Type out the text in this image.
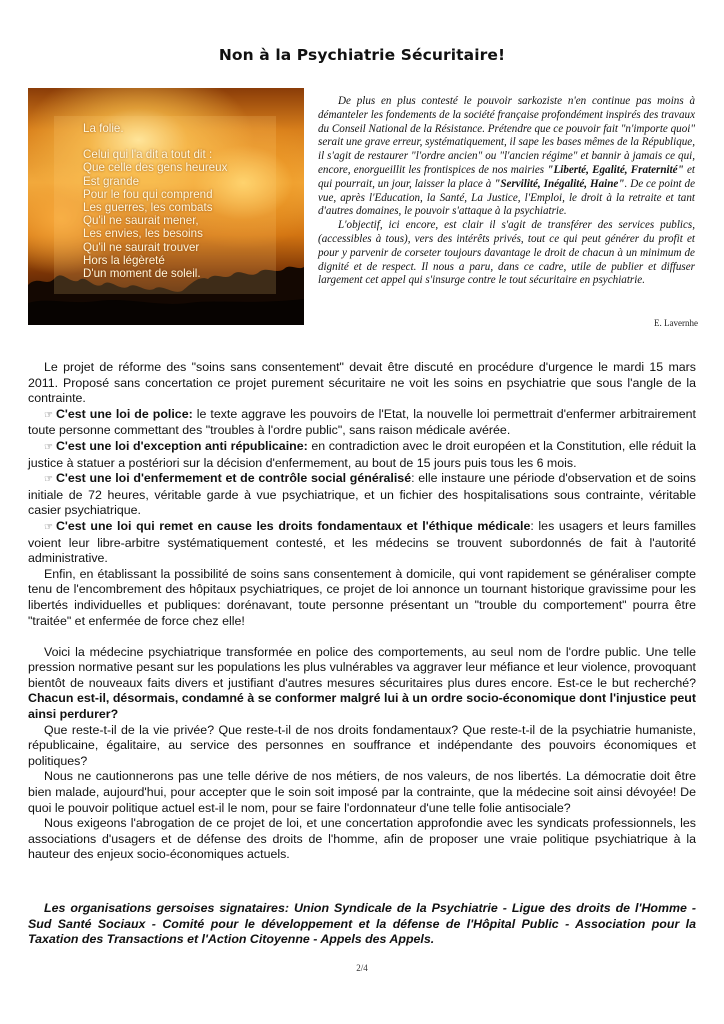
Non à la Psychiatrie Sécuritaire!
La folie.
Celui qui l'a dit a tout dit :
Que celle des gens heureux
Est grande
Pour le fou qui comprend
Les guerres, les combats
Qu'il ne saurait mener,
Les envies, les besoins
Qu'il ne saurait trouver
Hors la légèreté
D'un moment de soleil.

De plus en plus contesté le pouvoir sarkoziste n'en continue pas moins à démanteler les fondements de la société française profondément inspirés des travaux du Conseil National de la Résistance. Prétendre que ce pouvoir fait "n'importe quoi" serait une grave erreur, systématiquement, il sape les bases mêmes de la République, il s'agit de restaurer "l'ordre ancien" ou "l'ancien régime" et bannir à jamais ce qui, encore, enorgueillit les frontispices de nos mairies "Liberté, Egalité, Fraternité" et qui pourrait, un jour, laisser la place à "Servilité, Inégalité, Haine". De ce point de vue, après l'Education, la Santé, La Justice, l'Emploi, le droit à la retraite et tant d'autres domaines, le pouvoir s'attaque à la psychiatrie.

L'objectif, ici encore, est clair il s'agit de transférer des services publics, (accessibles à tous), vers des intérêts privés, tout ce qui peut générer du profit et pour y parvenir de corseter toujours davantage le droit de chacun à un minimum de dignité et de respect. Il nous a paru, dans ce cadre, utile de publier et diffuser largement cet appel qui s'insurge contre le tout sécuritaire en psychiatrie.

E. Lavernhe

Le projet de réforme des "soins sans consentement" devait être discuté en procédure d'urgence le mardi 15 mars 2011. Proposé sans concertation ce projet purement sécuritaire ne voit les soins en psychiatrie que sous l'angle de la contrainte.

☞ C'est une loi de police: le texte aggrave les pouvoirs de l'Etat, la nouvelle loi permettrait d'enfermer arbitrairement toute personne commettant des "troubles à l'ordre public", sans raison médicale avérée.

☞ C'est une loi d'exception anti républicaine: en contradiction avec le droit européen et la Constitution, elle réduit la justice à statuer a postériori sur la décision d'enfermement, au bout de 15 jours puis tous les 6 mois.

☞ C'est une loi d'enfermement et de contrôle social généralisé: elle instaure une période d'observation et de soins initiale de 72 heures, véritable garde à vue psychiatrique, et un fichier des hospitalisations sous contrainte, véritable casier psychiatrique.

☞ C'est une loi qui remet en cause les droits fondamentaux et l'éthique médicale: les usagers et leurs familles voient leur libre-arbitre systématiquement contesté, et les médecins se trouvent subordonnés de fait à l'autorité administrative.

Enfin, en établissant la possibilité de soins sans consentement à domicile, qui vont rapidement se généraliser compte tenu de l'encombrement des hôpitaux psychiatriques, ce projet de loi annonce un tournant historique gravissime pour les libertés individuelles et publiques: dorénavant, toute personne présentant un "trouble du comportement" pourra être "traitée" et enfermée de force chez elle!

Voici la médecine psychiatrique transformée en police des comportements, au seul nom de l'ordre public. Une telle pression normative pesant sur les populations les plus vulnérables va aggraver leur méfiance et leur violence, provoquant bientôt de nouveaux faits divers et justifiant d'autres mesures sécuritaires plus dures encore. Est-ce le but recherché? Chacun est-il, désormais, condamné à se conformer malgré lui à un ordre socio-économique dont l'injustice peut ainsi perdurer?

Que reste-t-il de la vie privée? Que reste-t-il de nos droits fondamentaux? Que reste-t-il de la psychiatrie humaniste, républicaine, égalitaire, au service des personnes en souffrance et indépendante des pouvoirs économiques et politiques?

Nous ne cautionnerons pas une telle dérive de nos métiers, de nos valeurs, de nos libertés. La démocratie doit être bien malade, aujourd'hui, pour accepter que le soin soit imposé par la contrainte, que la médecine soit ainsi dévoyée! De quoi le pouvoir politique actuel est-il le nom, pour se faire l'ordonnateur d'une telle folie antisociale?

Nous exigeons l'abrogation de ce projet de loi, et une concertation approfondie avec les syndicats professionnels, les associations d'usagers et de défense des droits de l'homme, afin de proposer une vraie politique psychiatrique à la hauteur des enjeux socio-économiques actuels.

Les organisations gersoises signataires: Union Syndicale de la Psychiatrie - Ligue des droits de l'Homme - Sud Santé Sociaux - Comité pour le développement et la défense de l'Hôpital Public - Association pour la Taxation des Transactions et l'Action Citoyenne - Appels des Appels.
2/4
